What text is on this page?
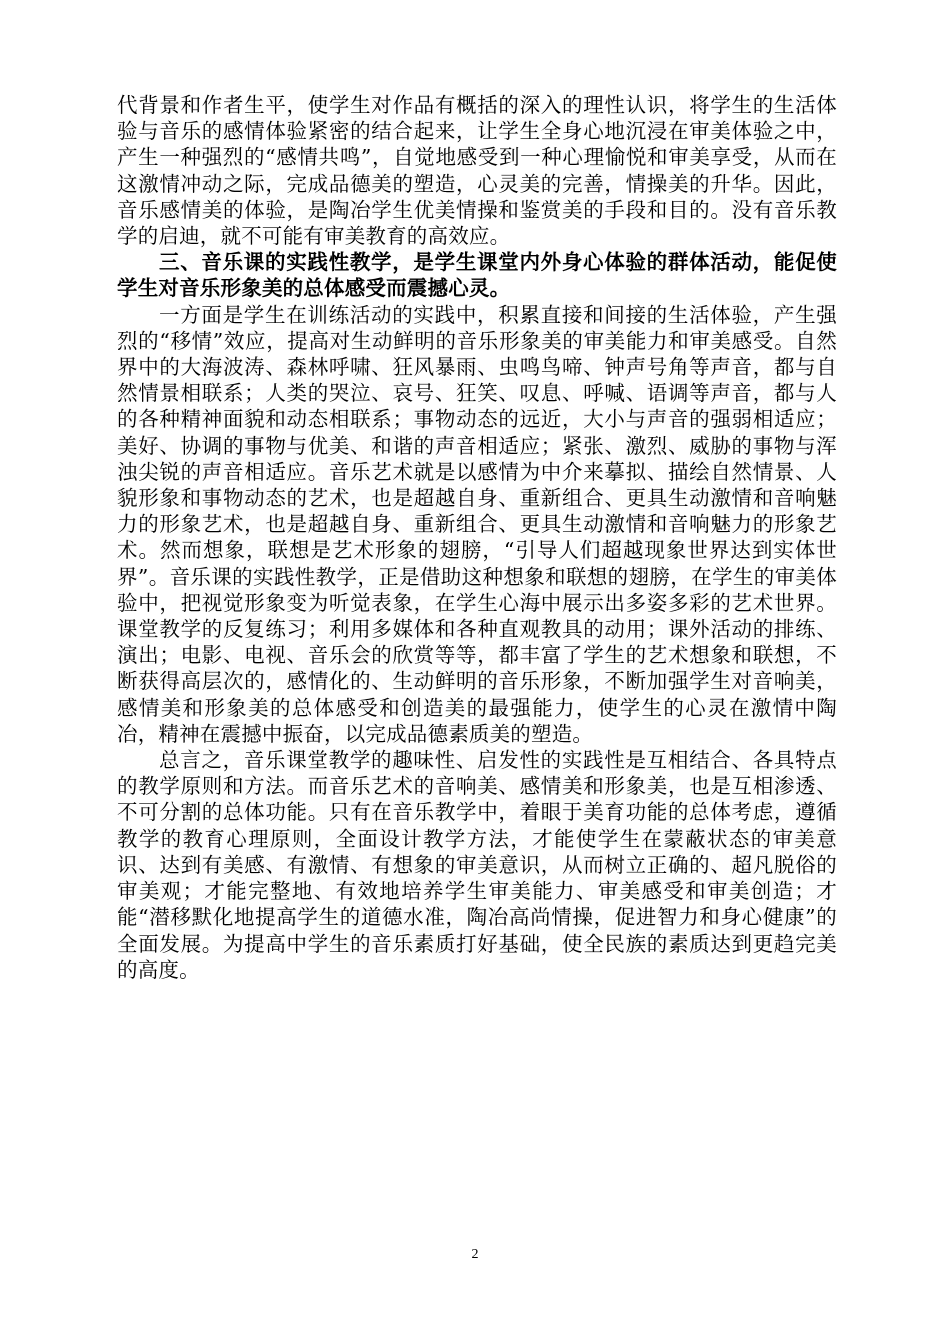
代背景和作者生平，使学生对作品有概括的深入的理性认识，将学生的生活体验与音乐的感情体验紧密的结合起来，让学生全身心地沉浸在审美体验之中，产生一种强烈的“感情共鸣”，自觉地感受到一种心理愉悦和审美享受，从而在这激情冲动之际，完成品德美的塑造，心灵美的完善，情操美的升华。因此，音乐感情美的体验，是陶冶学生优美情操和鉴赏美的手段和目的。没有音乐教学的启迪，就不可能有审美教育的高效应。

三、音乐课的实践性教学，是学生课堂内外身心体验的群体活动，能促使学生对音乐形象美的总体感受而震撼心灵。

一方面是学生在训练活动的实践中，积累直接和间接的生活体验，产生强烈的“移情”效应，提高对生动鲜明的音乐形象美的审美能力和审美感受。自然界中的大海波涛、森林呼啸、狂风暴雨、虫鸣鸟啼、钟声号角等声音，都与自然情景相联系；人类的哭泣、哀号、狂笑、叹息、呼喊、语调等声音，都与人的各种精神面貌和动态相联系；事物动态的远近，大小与声音的强弱相适应；美好、协调的事物与优美、和谐的声音相适应；紧张、激烈、威胁的事物与浑浊尖锐的声音相适应。音乐艺术就是以感情为中介来摹拟、描绘自然情景、人貌形象和事物动态的艺术，也是超越自身、重新组合、更具生动激情和音响魅力的形象艺术，也是超越自身、重新组合、更具生动激情和音响魅力的形象艺术。然而想象，联想是艺术形象的翅膀，“引导人们超越现象世界达到实体世界”。音乐课的实践性教学，正是借助这种想象和联想的翅膀，在学生的审美体验中，把视觉形象变为听觉表象，在学生心海中展示出多姿多彩的艺术世界。课堂教学的反复练习；利用多媒体和各种直观教具的动用；课外活动的排练、演出；电影、电视、音乐会的欣赏等等，都丰富了学生的艺术想象和联想，不断获得高层次的，感情化的、生动鲜明的音乐形象，不断加强学生对音响美，感情美和形象美的总体感受和创造美的最强能力，使学生的心灵在激情中陶冶，精神在震撼中振奋，以完成品德素质美的塑造。

总言之，音乐课堂教学的趣味性、启发性的实践性是互相结合、各具特点的教学原则和方法。而音乐艺术的音响美、感情美和形象美，也是互相渗透、不可分割的总体功能。只有在音乐教学中，着眼于美育功能的总体考虑，遵循教学的教育心理原则，全面设计教学方法，才能使学生在蒙蔽状态的审美意识、达到有美感、有激情、有想象的审美意识，从而树立正确的、超凡脱俗的审美观；才能完整地、有效地培养学生审美能力、审美感受和审美创造；才能“潜移默化地提高学生的道德水准，陶冶高尚情操，促进智力和身心健康”的全面发展。为提高中学生的音乐素质打好基础，使全民族的素质达到更趋完美的高度。

2
